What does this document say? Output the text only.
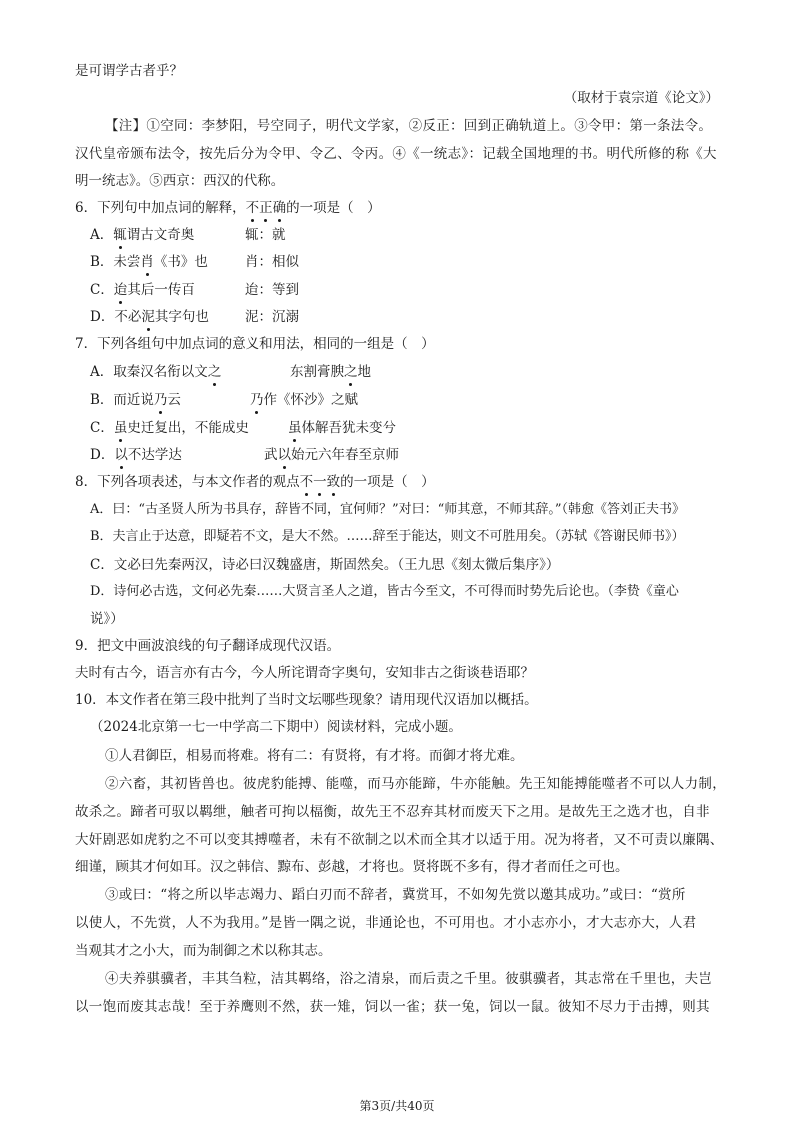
是可谓学古者乎？
（取材于袁宗道《论文》）
【注】①空同：李梦阳，号空同子，明代文学家，②反正：回到正确轨道上。③令甲：第一条法令。
汉代皇帝颁布法令，按先后分为令甲、令乙、令丙。④《一统志》：记载全国地理的书。明代所修的称《大
明一统志》。⑤西京：西汉的代称。
6．下列句中加点词的解释，不正确的一项是（　）
A．辄谓古文奇奥	辄：就
B．未尝肖《书》也	肖：相似
C．迨其后一传百	迨：等到
D．不必泥其字句也	泥：沉溺
7．下列各组句中加点词的意义和用法，相同的一组是（　）
A．取秦汉名衔以文之	东割膏腴之地
B．而近说乃云	乃作《怀沙》之赋
C．虽史迁复出，不能成史	虽体解吾犹未变兮
D．以不达学达	武以始元六年春至京师
8．下列各项表述，与本文作者的观点不一致的一项是（　）
A．曰：“古圣贤人所为书具存，辞皆不同，宜何师？”对曰：“师其意，不师其辞。”（韩愈《答刘正夫书》
B．夫言止于达意，即疑若不文，是大不然。……辞至于能达，则文不可胜用矣。（苏轼《答谢民师书》）
C．文必曰先秦两汉，诗必曰汉魏盛唐，斯固然矣。（王九思《刻太微后集序》）
D．诗何必古选，文何必先秦……大贤言圣人之道，皆古今至文，不可得而时势先后论也。（李贽《童心
说》）
9．把文中画波浪线的句子翻译成现代汉语。
夫时有古今，语言亦有古今，今人所诧谓奇字奥句，安知非古之街谈巷语耶？
10．本文作者在第三段中批判了当时文坛哪些现象？请用现代汉语加以概括。
（2024北京第一七一中学高二下期中）阅读材料，完成小题。
①人君御臣，相易而将难。将有二：有贤将，有才将。而御才将尤难。
②六畜，其初皆兽也。彼虎豹能搏、能噬，而马亦能蹄，牛亦能触。先王知能搏能噬者不可以人力制，
故杀之。蹄者可驭以羁绁，触者可拘以楅衡，故先王不忍弃其材而废天下之用。是故先王之选才也，自非
大奸剧恶如虎豹之不可以变其搏噬者，未有不欲制之以术而全其才以适于用。况为将者，又不可责以廉隅、
细谨，顾其才何如耳。汉之韩信、黥布、彭越，才将也。贤将既不多有，得才者而任之可也。
③或曰：“将之所以毕志竭力、蹈白刃而不辞者，冀赏耳，不如匆先赏以邀其成功。”或曰：“赏所
以使人，不先赏，人不为我用。”是皆一隅之说，非通论也，不可用也。才小志亦小，才大志亦大，人君
当观其才之小大，而为制御之术以称其志。
④夫养骐骥者，丰其刍粒，洁其羁络，浴之清泉，而后责之千里。彼骐骥者，其志常在千里也，夫岂
以一饱而废其志哉！至于养鹰则不然，获一雉，饲以一雀；获一兔，饲以一鼠。彼知不尽力于击搏，则其
第3页/共40页
